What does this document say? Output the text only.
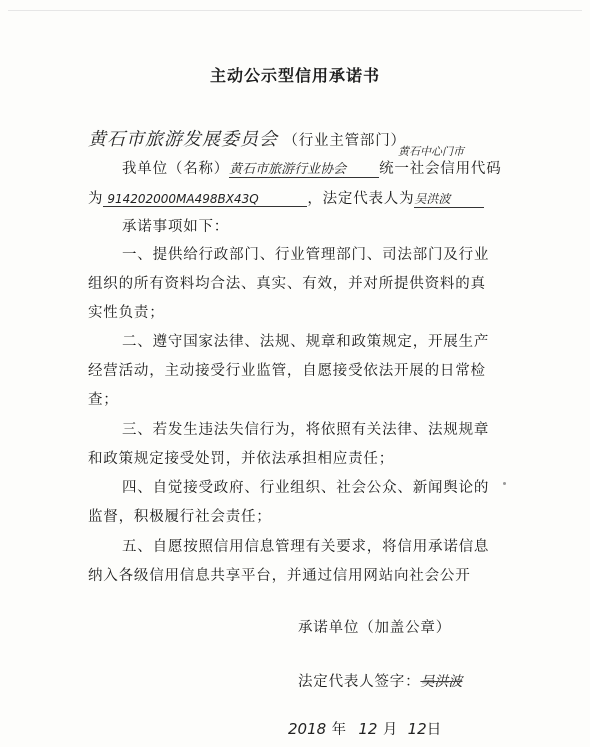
主动公示型信用承诺书
黄石市旅游发展委员会 （行业主管部门）
黄石中心门市
我单位（名称）黄石市旅游行业协会 统一社会信用代码
为 914202000MA498BX43Q	，法定代表人为吴洪波
承诺事项如下：
一、提供给行政部门、行业管理部门、司法部门及行业
组织的所有资料均合法、真实、有效，并对所提供资料的真
实性负责；
二、遵守国家法律、法规、规章和政策规定，开展生产
经营活动，主动接受行业监管，自愿接受依法开展的日常检
查；
三、若发生违法失信行为，将依照有关法律、法规规章
和政策规定接受处罚，并依法承担相应责任；
四、自觉接受政府、行业组织、社会公众、新闻舆论的
监督，积极履行社会责任；
五、自愿按照信用信息管理有关要求，将信用承诺信息
纳入各级信用信息共享平台，并通过信用网站向社会公开
承诺单位（加盖公章）
法定代表人签字：吴洪波
2018 年 12 月 12日
